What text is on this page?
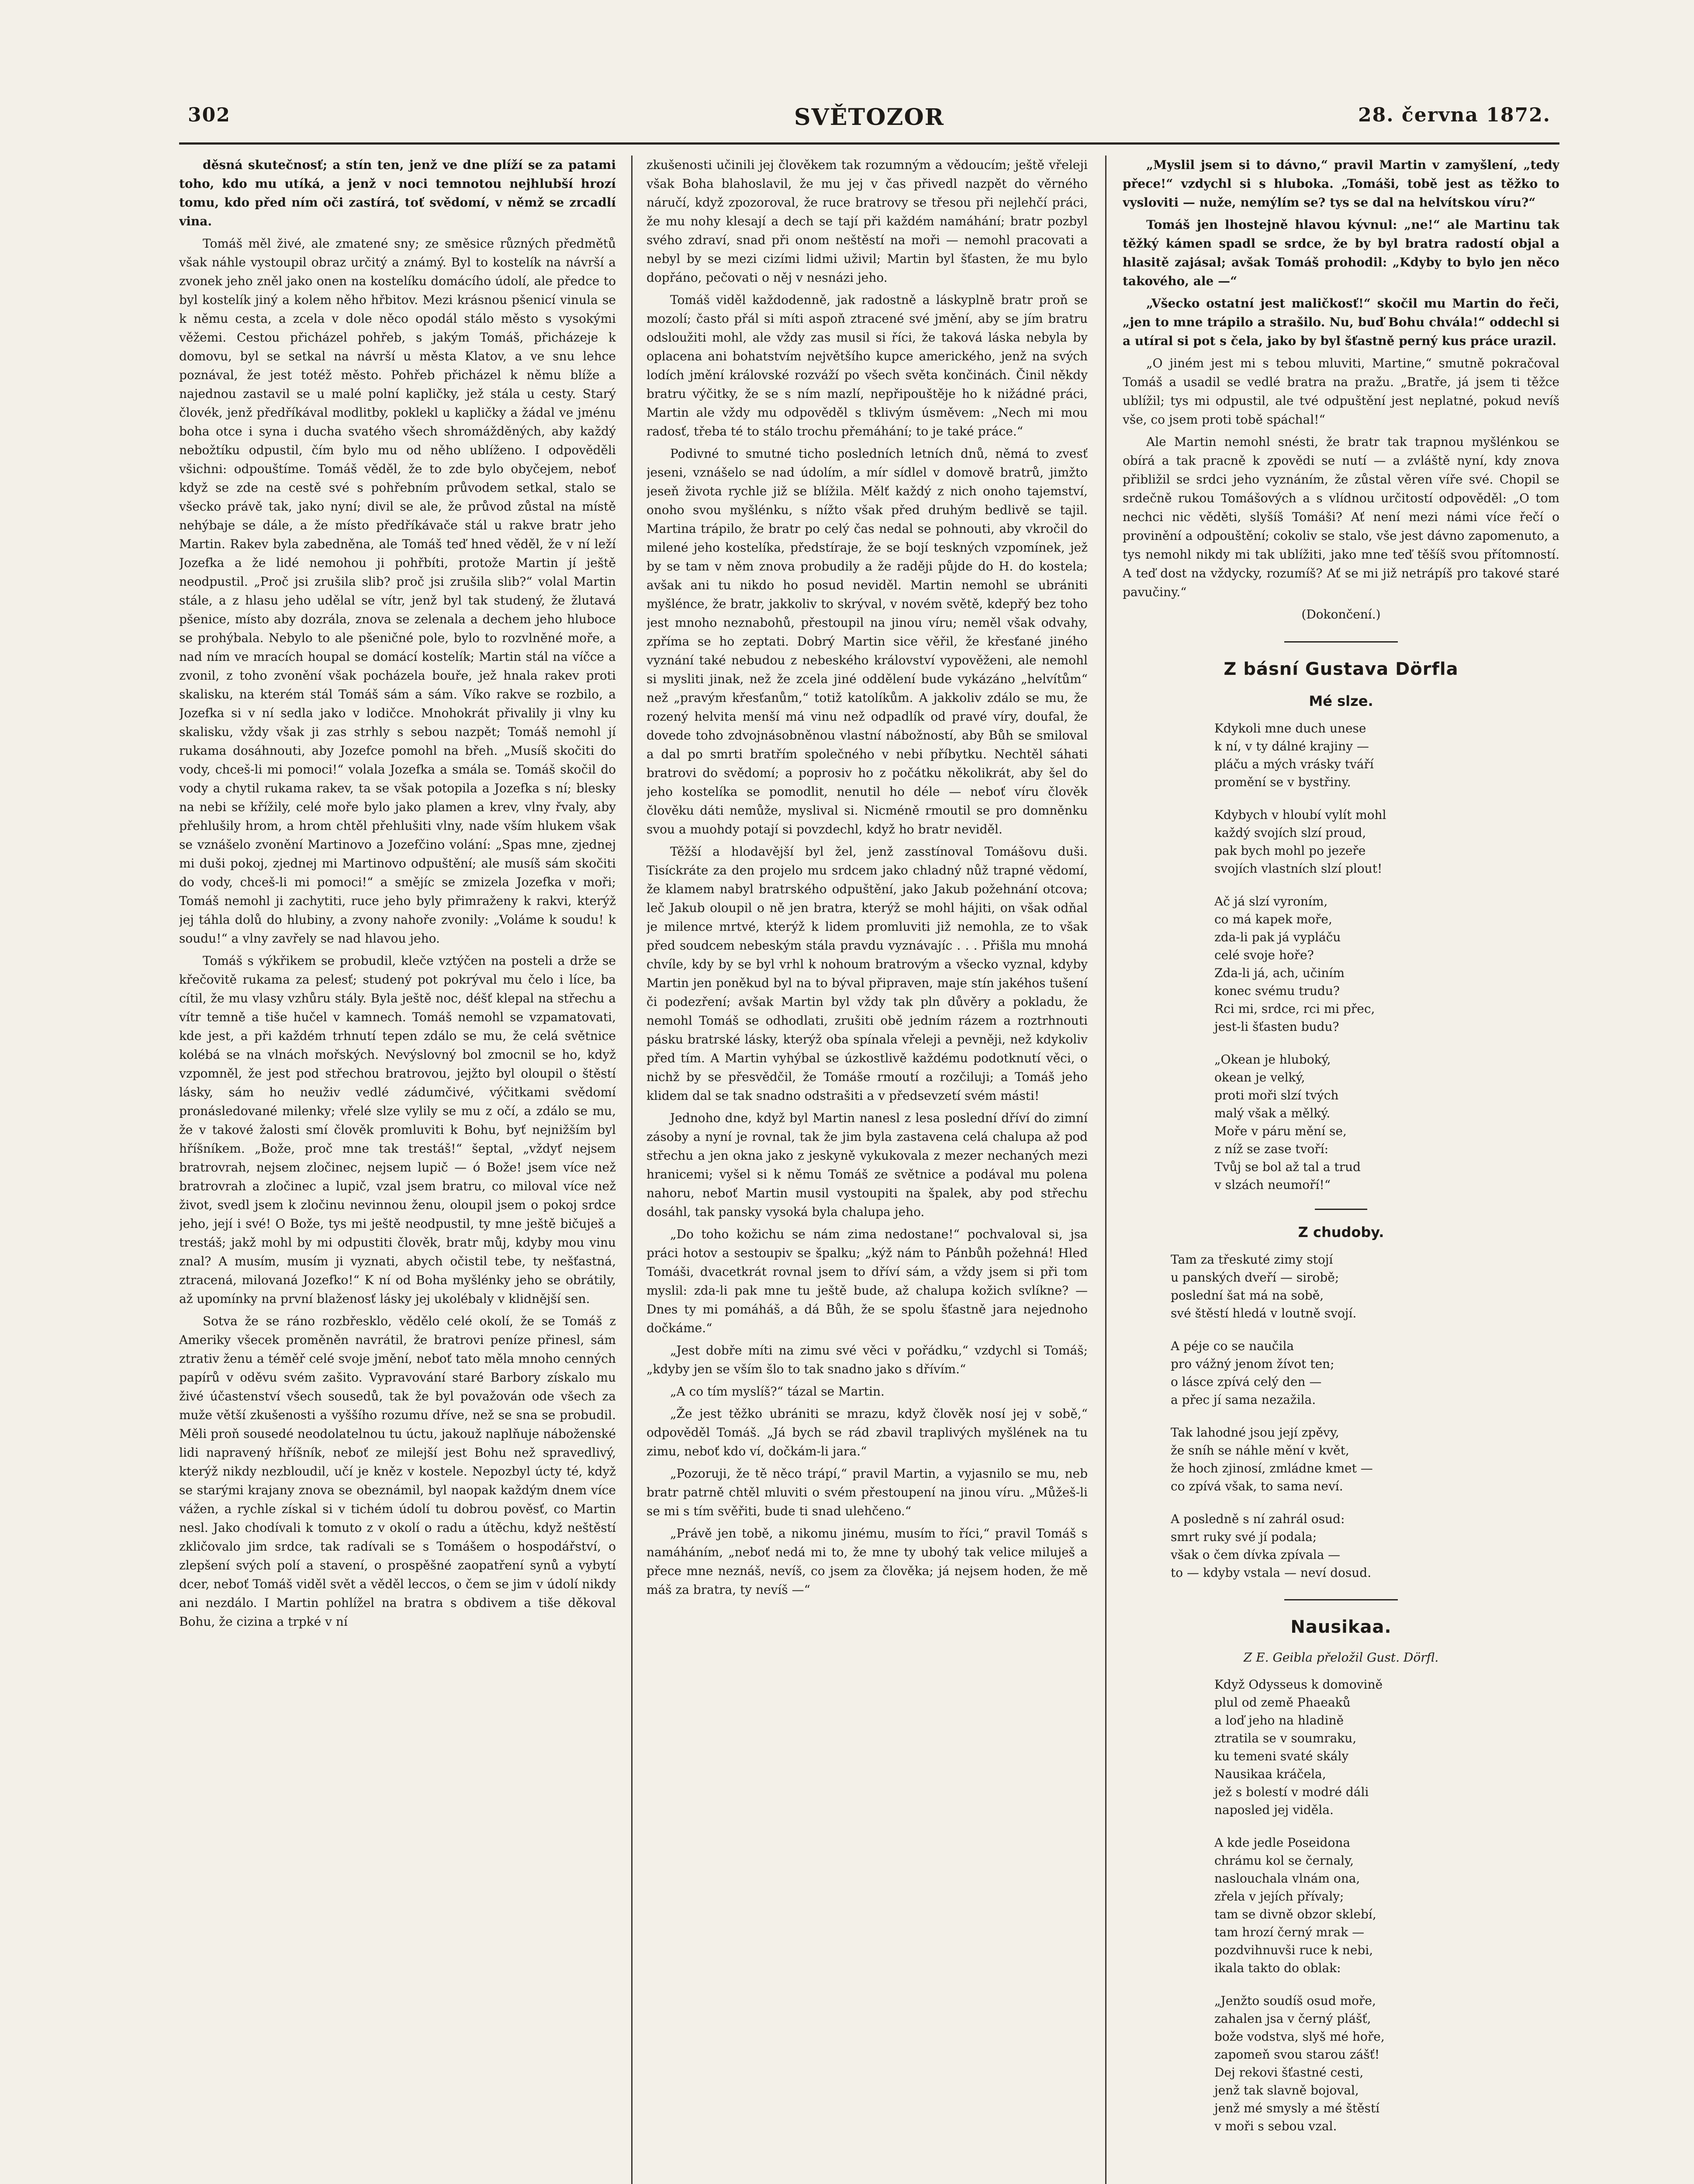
302	SVĚTOZOR	28. června 1872.

děsná skutečnosť; a stín ten, jenž ve dne plíží se za patami toho, kdo mu utíká, a jenž v noci temnotou nejhlubší hrozí tomu, kdo před ním oči zastírá, toť svědomí, v němž se zrcadlí vina.

Tomáš měl živé, ale zmatené sny; ze směsice různých předmětů však náhle vystoupil obraz určitý a známý. Byl to kostelík na návrší a zvonek jeho zněl jako onen na kostelíku domácího údolí, ale předce to byl kostelík jiný a kolem něho hřbitov. Mezi krásnou pšenicí vinula se k němu cesta, a zcela v dole něco opodál stálo město s vysokými věžemi. Cestou přicházel pohřeb, s jakým Tomáš, přicházeje k domovu, byl se setkal na návrší u města Klatov, a ve snu lehce poznával, že jest totéž město. Pohřeb přicházel k němu blíže a najednou zastavil se u malé polní kapličky, jež stála u cesty. Starý človék, jenž předříkával modlitby, poklekl u kapličky a žádal ve jménu boha otce i syna i ducha svatého všech shromážděných, aby každý nebožtíku odpustil, čím bylo mu od něho ublíženo. I odpověděli všichni: odpouštíme. Tomáš věděl, že to zde bylo obyčejem, neboť když se zde na cestě své s pohřebním průvodem setkal, stalo se všecko právě tak, jako nyní; divil se ale, že průvod zůstal na místě nehýbaje se dále, a že místo předříkávače stál u rakve bratr jeho Martin. Rakev byla zabedněna, ale Tomáš teď hned věděl, že v ní leží Jozefka a že lidé nemohou ji pohřbíti, protože Martin jí ještě neodpustil. „Proč jsi zrušila slib? proč jsi zrušila slib?“ volal Martin stále, a z hlasu jeho udělal se vítr, jenž byl tak studený, že žlutavá pšenice, místo aby dozrála, znova se zelenala a dechem jeho hluboce se prohýbala. Nebylo to ale pšeničné pole, bylo to rozvlněné moře, a nad ním ve mracích houpal se domácí kostelík; Martin stál na víčce a zvonil, z toho zvonění však pocházela bouře, jež hnala rakev proti skalisku, na kterém stál Tomáš sám a sám. Víko rakve se rozbilo, a Jozefka si v ní sedla jako v lodičce. Mnohokrát přivalily ji vlny ku skalisku, vždy však ji zas strhly s sebou nazpět; Tomáš nemohl jí rukama dosáhnouti, aby Jozefce pomohl na břeh. „Musíš skočiti do vody, chceš-li mi pomoci!“ volala Jozefka a smála se. Tomáš skočil do vody a chytil rukama rakev, ta se však potopila a Jozefka s ní; blesky na nebi se křížily, celé moře bylo jako plamen a krev, vlny řvaly, aby přehlušily hrom, a hrom chtěl přehlušiti vlny, nade vším hlukem však se vznášelo zvonění Martinovo a Jozefčino volání: „Spas mne, zjednej mi duši pokoj, zjednej mi Martinovo odpuštění; ale musíš sám skočiti do vody, chceš-li mi pomoci!“ a smějíc se zmizela Jozefka v moři; Tomáš nemohl ji zachytiti, ruce jeho byly přimraženy k rakvi, kterýž jej táhla dolů do hlubiny, a zvony nahoře zvonily: „Voláme k soudu! k soudu!“ a vlny zavřely se nad hlavou jeho.

Tomáš s výkřikem se probudil, kleče vztýčen na posteli a drže se křečovitě rukama za pelesť; studený pot pokrýval mu čelo i líce, ba cítil, že mu vlasy vzhůru stály. Byla ještě noc, déšť klepal na střechu a vítr temně a tiše hučel v kamnech. Tomáš nemohl se vzpamatovati, kde jest, a při každém trhnutí tepen zdálo se mu, že celá světnice kolébá se na vlnách mořských. Nevýslovný bol zmocnil se ho, když vzpomněl, že jest pod střechou bratrovou, jejžto byl oloupil o štěstí lásky, sám ho neuživ vedlé zádumčivé, výčitkami svědomí pronásledované milenky; vřelé slze vylily se mu z očí, a zdálo se mu, že v takové žalosti smí člověk promluviti k Bohu, byť nejnižším byl hříšníkem. „Bože, proč mne tak trestáš!“ šeptal, „vždyť nejsem bratrovrah, nejsem zločinec, nejsem lupič — ó Bože! jsem více než bratrovrah a zločinec a lupič, vzal jsem bratru, co miloval více než život, svedl jsem k zločinu nevinnou ženu, oloupil jsem o pokoj srdce jeho, její i své! O Bože, tys mi ještě neodpustil, ty mne ještě bičuješ a trestáš; jakž mohl by mi odpustiti člověk, bratr můj, kdyby mou vinu znal? A musím, musím ji vyznati, abych očistil tebe, ty nešťastná, ztracená, milovaná Jozefko!“ K ní od Boha myšlénky jeho se obrátily, až upomínky na první blaženosť lásky jej ukolébaly v klidnější sen.

Sotva že se ráno rozbřesklo, vědělo celé okolí, že se Tomáš z Ameriky všecek proměněn navrátil, že bratrovi peníze přinesl, sám ztrativ ženu a téměř celé svoje jmění, neboť tato měla mnoho cenných papírů v oděvu svém zašito. Vypravování staré Barbory získalo mu živé účastenství všech sousedů, tak že byl považován ode všech za muže větší zkušenosti a vyššího rozumu dříve, než se sna se probudil. Měli proň sousedé neodolatelnou tu úctu, jakouž naplňuje náboženské lidi napravený hříšník, neboť ze milejší jest Bohu než spravedlivý, kterýž nikdy nezbloudil, učí je kněz v kostele. Nepozbyl úcty té, když se starými krajany znova se obeznámil, byl naopak každým dnem více vážen, a rychle získal si v tichém údolí tu dobrou pověsť, co Martin nesl. Jako chodívali k tomuto z v okolí o radu a útěchu, když neštěstí zkličovalo jim srdce, tak radívali se s Tomášem o hospodářství, o zlepšení svých polí a stavení, o prospěšné zaopatření synů a vybytí dcer, neboť Tomáš viděl svět a věděl leccos, o čem se jim v údolí nikdy ani nezdálo. I Martin pohlížel na bratra s obdivem a tiše děkoval Bohu, že cizina a trpké v ní

zkušenosti učinili jej člověkem tak rozumným a vědoucím; ještě vřeleji však Boha blahoslavil, že mu jej v čas přivedl nazpět do věrného náručí, když zpozoroval, že ruce bratrovy se třesou při nejlehčí práci, že mu nohy klesají a dech se tají při každém namáhání; bratr pozbyl svého zdraví, snad při onom neštěstí na moři — nemohl pracovati a nebyl by se mezi cizími lidmi uživil; Martin byl šťasten, že mu bylo dopřáno, pečovati o něj v nesnázi jeho.

Tomáš viděl každodenně, jak radostně a láskyplně bratr proň se mozolí; často přál si míti aspoň ztracené své jmění, aby se jím bratru odsloužiti mohl, ale vždy zas musil si říci, že taková láska nebyla by oplacena ani bohatstvím největšího kupce amerického, jenž na svých lodích jmění královské rozváží po všech světa končinách. Činil někdy bratru výčitky, že se s ním mazlí, nepřipouštěje ho k nižádné práci, Martin ale vždy mu odpověděl s tklivým úsměvem: „Nech mi mou radosť, třeba té to stálo trochu přemáhání; to je také práce.“

Podivné to smutné ticho posledních letních dnů, němá to zvesť jeseni, vznášelo se nad údolím, a mír sídlel v domově bratrů, jimžto jeseň života rychle již se blížila. Mělť každý z nich onoho tajemství, onoho svou myšlénku, s nížto však před druhým bedlivě se tajil. Martina trápilo, že bratr po celý čas nedal se pohnouti, aby vkročil do milené jeho kostelíka, předstíraje, že se bojí teskných vzpomínek, jež by se tam v něm znova probudily a že raději půjde do H. do kostela; avšak ani tu nikdo ho posud neviděl. Martin nemohl se ubrániti myšlénce, že bratr, jakkoliv to skrýval, v novém světě, kdepřý bez toho jest mnoho neznabohů, přestoupil na jinou víru; neměl však odvahy, zpříma se ho zeptati. Dobrý Martin sice věřil, že křesťané jiného vyznání také nebudou z nebeského království vypověženi, ale nemohl si mysliti jinak, než že zcela jiné oddělení bude vykázáno „helvítům“ než „pravým křesťanům,“ totiž katolíkům. A jakkoliv zdálo se mu, že rozený helvita menší má vinu než odpadlík od pravé víry, doufal, že dovede toho zdvojnásobněnou vlastní nábožností, aby Bůh se smiloval a dal po smrti bratřím společného v nebi příbytku. Nechtěl sáhati bratrovi do svědomí; a poprosiv ho z počátku několikrát, aby šel do jeho kostelíka se pomodlit, nenutil ho déle — neboť víru člověk člověku dáti nemůže, myslival si. Nicméně rmoutil se pro domněnku svou a muohdy potají si povzdechl, když ho bratr neviděl.

Těžší a hlodavější byl žel, jenž zasstínoval Tomášovu duši. Tisíckráte za den projelo mu srdcem jako chladný nůž trapné vědomí, že klamem nabyl bratrského odpuštění, jako Jakub požehnání otcova; leč Jakub oloupil o ně jen bratra, kterýž se mohl hájiti, on však odňal je milence mrtvé, kterýž k lidem promluviti již nemohla, ze to však před soudcem nebeským stála pravdu vyznávajíc . . . Přišla mu mnohá chvíle, kdy by se byl vrhl k nohoum bratrovým a všecko vyznal, kdyby Martin jen poněkud byl na to býval připraven, maje stín jakéhos tušení či podezření; avšak Martin byl vždy tak pln důvěry a pokladu, že nemohl Tomáš se odhodlati, zrušiti obě jedním rázem a roztrhnouti pásku bratrské lásky, kterýž oba spínala vřeleji a pevněji, než kdykoliv před tím. A Martin vyhýbal se úzkostlivě každému podotknutí věci, o nichž by se přesvědčil, že Tomáše rmoutí a rozčiluji; a Tomáš jeho klidem dal se tak snadno odstrašiti a v předsevzetí svém másti!

Jednoho dne, když byl Martin nanesl z lesa poslední dříví do zimní zásoby a nyní je rovnal, tak že jim byla zastavena celá chalupa až pod střechu a jen okna jako z jeskyně vykukovala z mezer nechaných mezi hranicemi; vyšel si k němu Tomáš ze světnice a podával mu polena nahoru, neboť Martin musil vystoupiti na špalek, aby pod střechu dosáhl, tak pansky vysoká byla chalupa jeho.

„Do toho kožichu se nám zima nedostane!“ pochvaloval si, jsa práci hotov a sestoupiv se špalku; „kýž nám to Pánbůh požehná! Hleď Tomáši, dvacetkrát rovnal jsem to dříví sám, a vždy jsem si při tom myslil: zda-li pak mne tu ještě bude, až chalupa kožich svlíkne? — Dnes ty mi pomáháš, a dá Bůh, že se spolu šťastně jara nejednoho dočkáme.“

„Jest dobře míti na zimu své věci v pořádku,“ vzdychl si Tomáš; „kdyby jen se vším šlo to tak snadno jako s dřívím.“

„A co tím myslíš?“ tázal se Martin.

„Že jest těžko ubrániti se mrazu, když člověk nosí jej v sobě,“ odpověděl Tomáš. „Já bych se rád zbavil traplivých myšlének na tu zimu, neboť kdo ví, dočkám-li jara.“

„Pozoruji, že tě něco trápí,“ pravil Martin, a vyjasnilo se mu, neb bratr patrně chtěl mluviti o svém přestoupení na jinou víru. „Můžeš-li se mi s tím svěřiti, bude ti snad ulehčeno.“

„Právě jen tobě, a nikomu jinému, musím to říci,“ pravil Tomáš s namáháním, „neboť nedá mi to, že mne ty ubohý tak velice miluješ a přece mne neznáš, nevíš, co jsem za člověka; já nejsem hoden, že mě máš za bratra, ty nevíš —“

„Myslil jsem si to dávno,“ pravil Martin v zamyšlení, „tedy přece!“ vzdychl si s hluboka. „Tomáši, tobě jest as těžko to vysloviti — nuže, nemýlím se? tys se dal na helvítskou víru?“

Tomáš jen lhostejně hlavou kývnul: „ne!“ ale Martinu tak těžký kámen spadl se srdce, že by byl bratra radostí objal a hlasitě zajásal; avšak Tomáš prohodil: „Kdyby to bylo jen něco takového, ale —“

„Všecko ostatní jest maličkosť!“ skočil mu Martin do řeči, „jen to mne trápilo a strašilo. Nu, buď Bohu chvála!“ oddechl si a utíral si pot s čela, jako by byl šťastně perný kus práce urazil.

„O jiném jest mi s tebou mluviti, Martine,“ smutně pokračoval Tomáš a usadil se vedlé bratra na pražu. „Bratře, já jsem ti těžce ublížil; tys mi odpustil, ale tvé odpuštění jest neplatné, pokud nevíš vše, co jsem proti tobě spáchal!“

Ale Martin nemohl snésti, že bratr tak trapnou myšlénkou se obírá a tak pracně k zpovědi se nutí — a zvláště nyní, kdy znova přibližil se srdci jeho vyznáním, že zůstal věren víře své. Chopil se srdečně rukou Tomášových a s vlídnou určitostí odpověděl: „O tom nechci nic věděti, slyšíš Tomáši? Ať není mezi námi více řečí o provinění a odpouštění; cokoliv se stalo, vše jest dávno zapomenuto, a tys nemohl nikdy mi tak ublížiti, jako mne teď těšíš svou přítomností. A teď dost na vždycky, rozumíš? Ať se mi již netrápíš pro takové staré pavučiny.“

(Dokončení.)

Z básní Gustava Dörfla
Mé slze.
Kdykoli mne duch unese
k ní, v ty dálné krajiny —
pláču a mých vrásky tváří
promění se v bystřiny.
Kdybych v hloubí vylít mohl
každý svojích slzí proud,
pak bych mohl po jezeře
svojích vlastních slzí plout!
Ač já slzí vyroním,
co má kapek moře,
zda-li pak já vypláču
celé svoje hoře?
Zda-li já, ach, učiním
konec svému trudu?
Rci mi, srdce, rci mi přec,
jest-li šťasten budu?
„Okean je hluboký,
okean je velký,
proti moři slzí tvých
malý však a mělký.
Moře v páru mění se,
z níž se zase tvoří:
Tvůj se bol až tal a trud
v slzách neumoří!“
Z chudoby.
Tam za třeskuté zimy stojí
u panských dveří — sirobě;
poslední šat má na sobě,
své štěstí hledá v loutně svojí.
A péje co se naučila
pro vážný jenom žívot ten;
o lásce zpívá celý den —
a přec jí sama nezažila.
Tak lahodné jsou její zpěvy,
že sníh se náhle mění v květ,
že hoch zjinosí, zmládne kmet —
co zpívá však, to sama neví.
A posledně s ní zahrál osud:
smrt ruky své jí podala;
však o čem dívka zpívala —
to — kdyby vstala — neví dosud.
Nausikaa.
Z E. Geibla přeložil Gust. Dörfl.
Když Odysseus k domovině
plul od země Phaeaků
a loď jeho na hladině
ztratila se v soumraku,
ku temeni svaté skály
Nausikaa kráčela,
jež s bolestí v modré dáli
naposled jej viděla.
A kde jedle Poseidona
chrámu kol se černaly,
naslouchala vlnám ona,
zřela v jejích přívaly;
tam se divně obzor sklebí,
tam hrozí černý mrak —
pozdvihnuvši ruce k nebi,
ikala takto do oblak:
„Jenžto soudíš osud moře,
zahalen jsa v černý plášť,
bože vodstva, slyš mé hoře,
zapomeň svou starou zášť!
Dej rekovi šťastné cesti,
jenž tak slavně bojoval,
jenž mé smysly a mé štěstí
v moři s sebou vzal.
